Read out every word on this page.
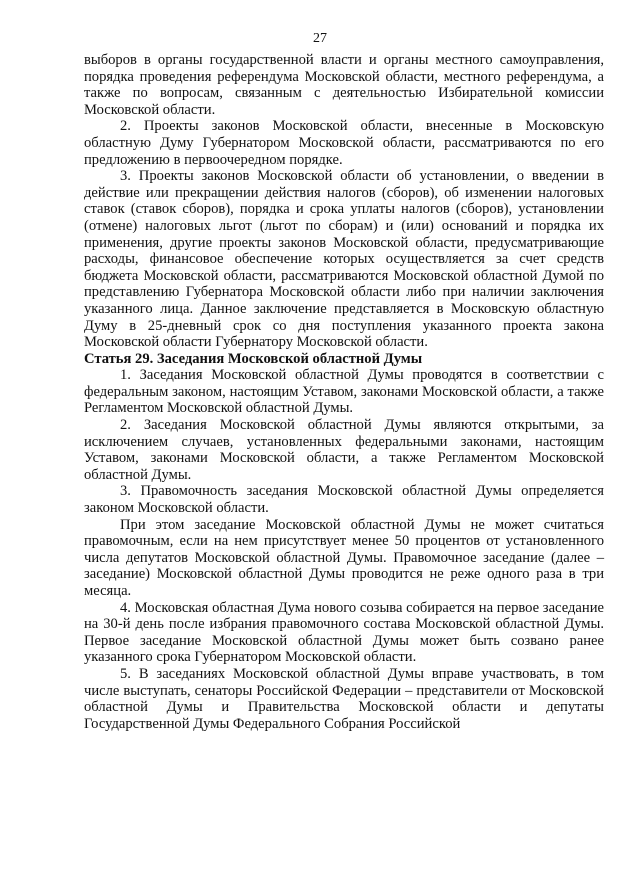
27

выборов в органы государственной власти и органы местного самоуправления, порядка проведения референдума Московской области, местного референдума, а также по вопросам, связанным с деятельностью Избирательной комиссии Московской области.

2. Проекты законов Московской области, внесенные в Московскую областную Думу Губернатором Московской области, рассматриваются по его предложению в первоочередном порядке.

3. Проекты законов Московской области об установлении, о введении в действие или прекращении действия налогов (сборов), об изменении налоговых ставок (ставок сборов), порядка и срока уплаты налогов (сборов), установлении (отмене) налоговых льгот (льгот по сборам) и (или) оснований и порядка их применения, другие проекты законов Московской области, предусматривающие расходы, финансовое обеспечение которых осуществляется за счет средств бюджета Московской области, рассматриваются Московской областной Думой по представлению Губернатора Московской области либо при наличии заключения указанного лица. Данное заключение представляется в Московскую областную Думу в 25-дневный срок со дня поступления указанного проекта закона Московской области Губернатору Московской области.

Статья 29. Заседания Московской областной Думы

1. Заседания Московской областной Думы проводятся в соответствии с федеральным законом, настоящим Уставом, законами Московской области, а также Регламентом Московской областной Думы.

2. Заседания Московской областной Думы являются открытыми, за исключением случаев, установленных федеральными законами, настоящим Уставом, законами Московской области, а также Регламентом Московской областной Думы.

3. Правомочность заседания Московской областной Думы определяется законом Московской области.

При этом заседание Московской областной Думы не может считаться правомочным, если на нем присутствует менее 50 процентов от установленного числа депутатов Московской областной Думы. Правомочное заседание (далее – заседание) Московской областной Думы проводится не реже одного раза в три месяца.

4. Московская областная Дума нового созыва собирается на первое заседание на 30-й день после избрания правомочного состава Московской областной Думы. Первое заседание Московской областной Думы может быть созвано ранее указанного срока Губернатором Московской области.

5. В заседаниях Московской областной Думы вправе участвовать, в том числе выступать, сенаторы Российской Федерации – представители от Московской областной Думы и Правительства Московской области и депутаты Государственной Думы Федерального Собрания Российской
